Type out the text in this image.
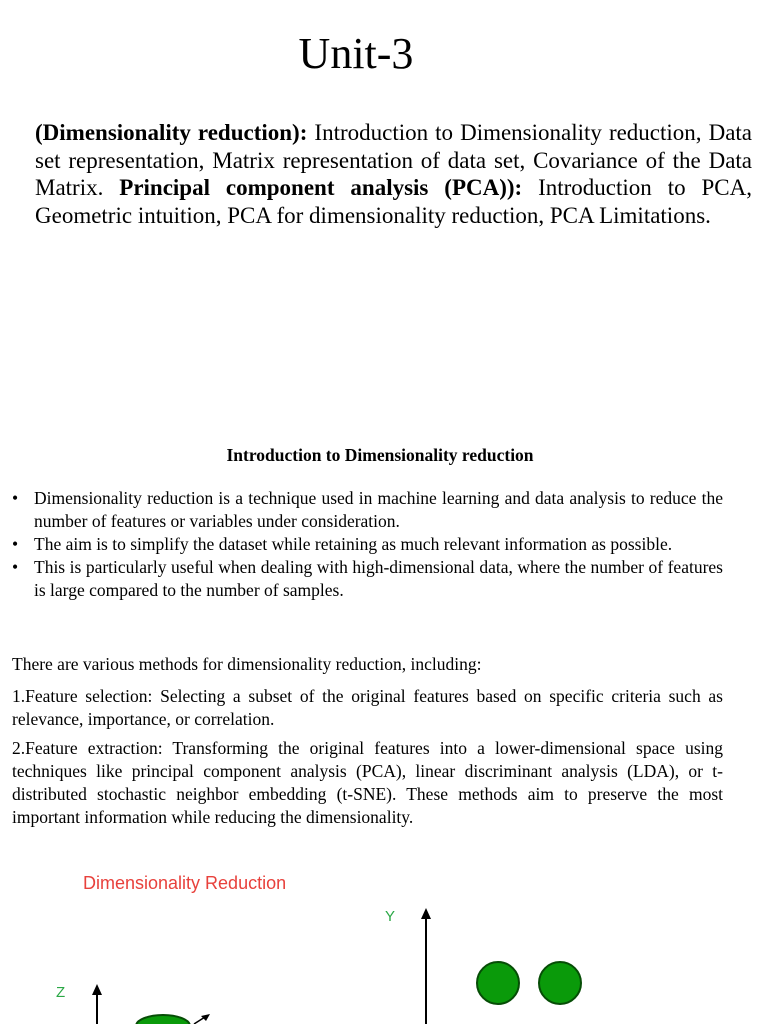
Unit-3
(Dimensionality reduction): Introduction to Dimensionality reduction, Data set representation, Matrix representation of data set, Covariance of the Data Matrix. Principal component analysis (PCA)): Introduction to PCA, Geometric intuition, PCA for dimensionality reduction, PCA Limitations.
Introduction to Dimensionality reduction
• Dimensionality reduction is a technique used in machine learning and data analysis to reduce the number of features or variables under consideration.
• The aim is to simplify the dataset while retaining as much relevant information as possible.
• This is particularly useful when dealing with high-dimensional data, where the number of features is large compared to the number of samples.
There are various methods for dimensionality reduction, including:
1.Feature selection: Selecting a subset of the original features based on specific criteria such as relevance, importance, or correlation.
2.Feature extraction: Transforming the original features into a lower-dimensional space using techniques like principal component analysis (PCA), linear discriminant analysis (LDA), or t-distributed stochastic neighbor embedding (t-SNE). These methods aim to preserve the most important information while reducing the dimensionality.
Dimensionality Reduction
Y
Z
